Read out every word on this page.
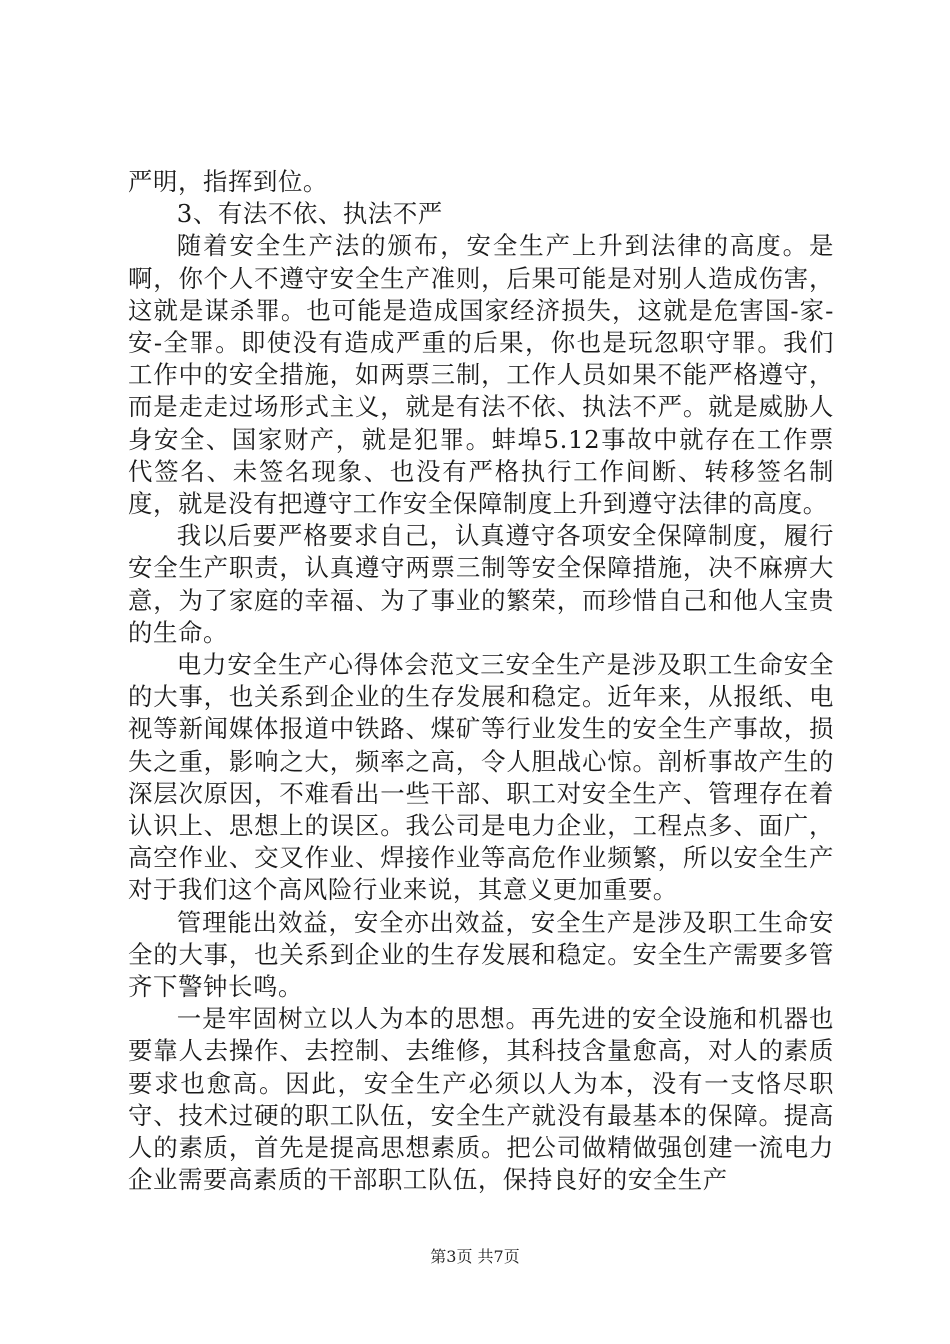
严明，指挥到位。

3、有法不依、执法不严

随着安全生产法的颁布，安全生产上升到法律的高度。是啊，你个人不遵守安全生产准则，后果可能是对别人造成伤害，这就是谋杀罪。也可能是造成国家经济损失，这就是危害国-家-安-全罪。即使没有造成严重的后果，你也是玩忽职守罪。我们工作中的安全措施，如两票三制，工作人员如果不能严格遵守，而是走走过场形式主义，就是有法不依、执法不严。就是威胁人身安全、国家财产，就是犯罪。蚌埠5.12事故中就存在工作票代签名、未签名现象、也没有严格执行工作间断、转移签名制度，就是没有把遵守工作安全保障制度上升到遵守法律的高度。

我以后要严格要求自己，认真遵守各项安全保障制度，履行安全生产职责，认真遵守两票三制等安全保障措施，决不麻痹大意，为了家庭的幸福、为了事业的繁荣，而珍惜自己和他人宝贵的生命。

电力安全生产心得体会范文三安全生产是涉及职工生命安全的大事，也关系到企业的生存发展和稳定。近年来，从报纸、电视等新闻媒体报道中铁路、煤矿等行业发生的安全生产事故，损失之重，影响之大，频率之高，令人胆战心惊。剖析事故产生的深层次原因，不难看出一些干部、职工对安全生产、管理存在着认识上、思想上的误区。我公司是电力企业，工程点多、面广，高空作业、交叉作业、焊接作业等高危作业频繁，所以安全生产对于我们这个高风险行业来说，其意义更加重要。

管理能出效益，安全亦出效益，安全生产是涉及职工生命安全的大事，也关系到企业的生存发展和稳定。安全生产需要多管齐下警钟长鸣。

一是牢固树立以人为本的思想。再先进的安全设施和机器也要靠人去操作、去控制、去维修，其科技含量愈高，对人的素质要求也愈高。因此，安全生产必须以人为本，没有一支恪尽职守、技术过硬的职工队伍，安全生产就没有最基本的保障。提高人的素质，首先是提高思想素质。把公司做精做强创建一流电力企业需要高素质的干部职工队伍，保持良好的安全生产

第3页 共7页
